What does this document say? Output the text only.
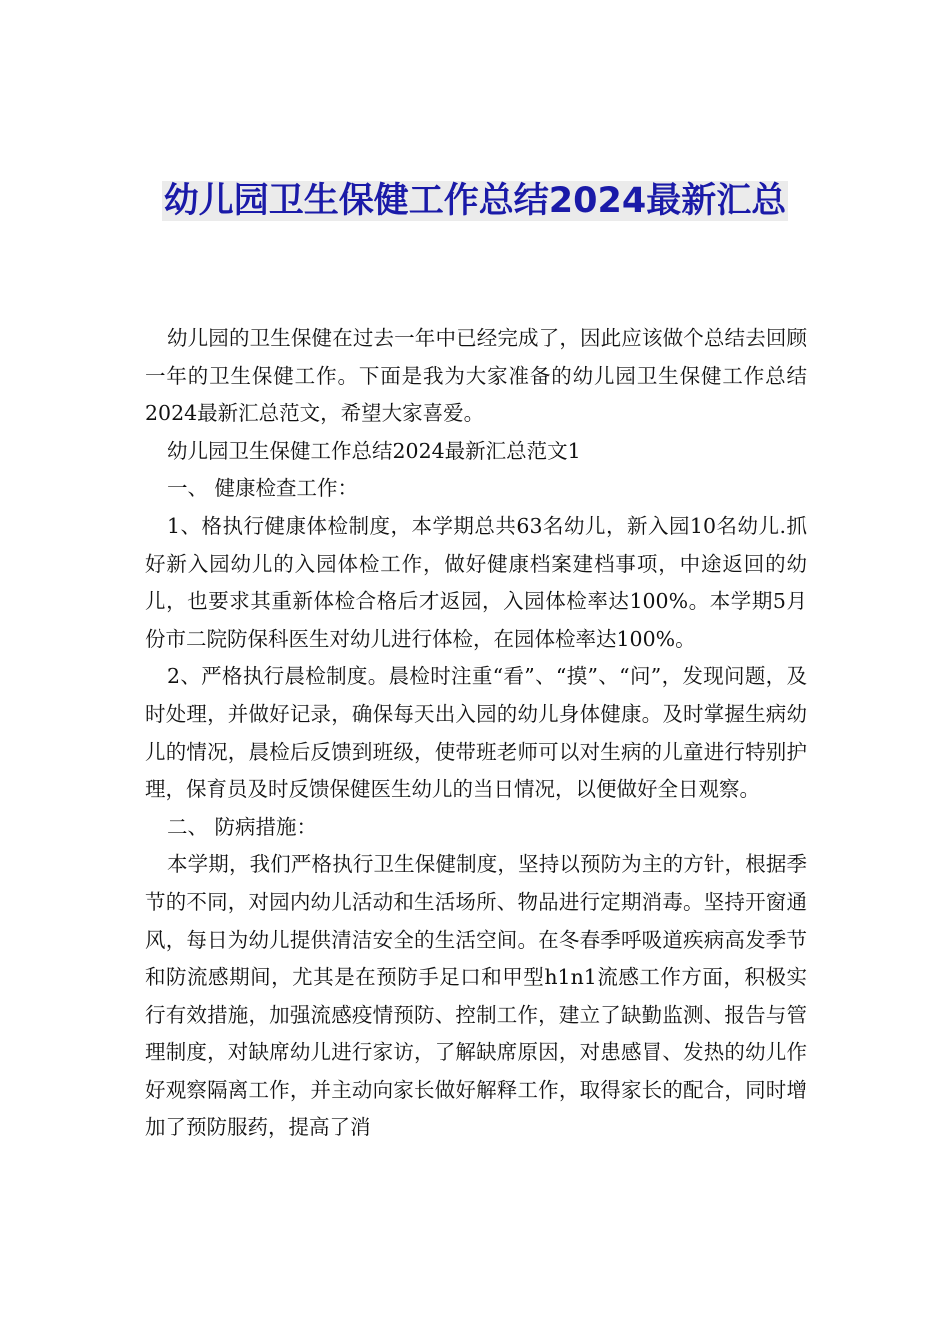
幼儿园卫生保健工作总结2024最新汇总

幼儿园的卫生保健在过去一年中已经完成了，因此应该做个总结去回顾一年的卫生保健工作。下面是我为大家准备的幼儿园卫生保健工作总结2024最新汇总范文，希望大家喜爱。

幼儿园卫生保健工作总结2024最新汇总范文1

一、 健康检查工作：

1、格执行健康体检制度，本学期总共63名幼儿，新入园10名幼儿.抓好新入园幼儿的入园体检工作，做好健康档案建档事项，中途返回的幼儿，也要求其重新体检合格后才返园，入园体检率达100%。本学期5月份市二院防保科医生对幼儿进行体检，在园体检率达100%。

2、严格执行晨检制度。晨检时注重“看”、“摸”、“问”，发现问题，及时处理，并做好记录，确保每天出入园的幼儿身体健康。及时掌握生病幼儿的情况，晨检后反馈到班级，使带班老师可以对生病的儿童进行特别护理，保育员及时反馈保健医生幼儿的当日情况，以便做好全日观察。

二、 防病措施：

本学期，我们严格执行卫生保健制度，坚持以预防为主的方针，根据季节的不同，对园内幼儿活动和生活场所、物品进行定期消毒。坚持开窗通风，每日为幼儿提供清洁安全的生活空间。在冬春季呼吸道疾病高发季节和防流感期间，尤其是在预防手足口和甲型h1n1流感工作方面，积极实行有效措施，加强流感疫情预防、控制工作，建立了缺勤监测、报告与管理制度，对缺席幼儿进行家访，了解缺席原因，对患感冒、发热的幼儿作好观察隔离工作，并主动向家长做好解释工作，取得家长的配合，同时增加了预防服药，提高了消
